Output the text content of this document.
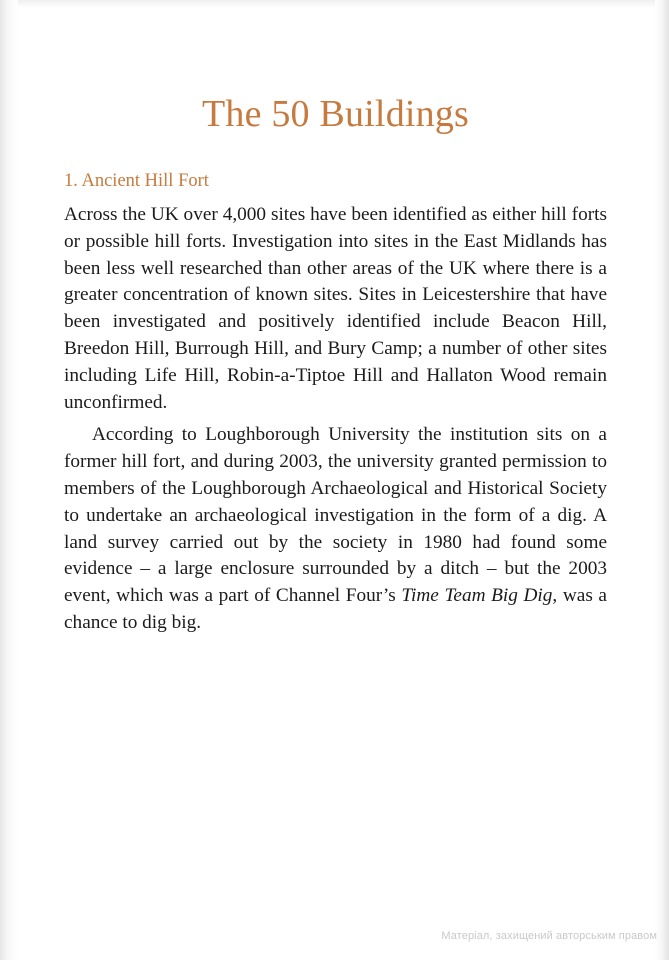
The 50 Buildings
1. Ancient Hill Fort

Across the UK over 4,000 sites have been identified as either hill forts or possible hill forts. Investigation into sites in the East Midlands has been less well researched than other areas of the UK where there is a greater concentration of known sites. Sites in Leicestershire that have been investigated and positively identified include Beacon Hill, Breedon Hill, Burrough Hill, and Bury Camp; a number of other sites including Life Hill, Robin-a-Tiptoe Hill and Hallaton Wood remain unconfirmed.

According to Loughborough University the institution sits on a former hill fort, and during 2003, the university granted permission to members of the Loughborough Archaeological and Historical Society to undertake an archaeological investigation in the form of a dig. A land survey carried out by the society in 1980 had found some evidence – a large enclosure surrounded by a ditch – but the 2003 event, which was a part of Channel Four’s Time Team Big Dig, was a chance to dig big.

Матеріал, захищений авторським правом
